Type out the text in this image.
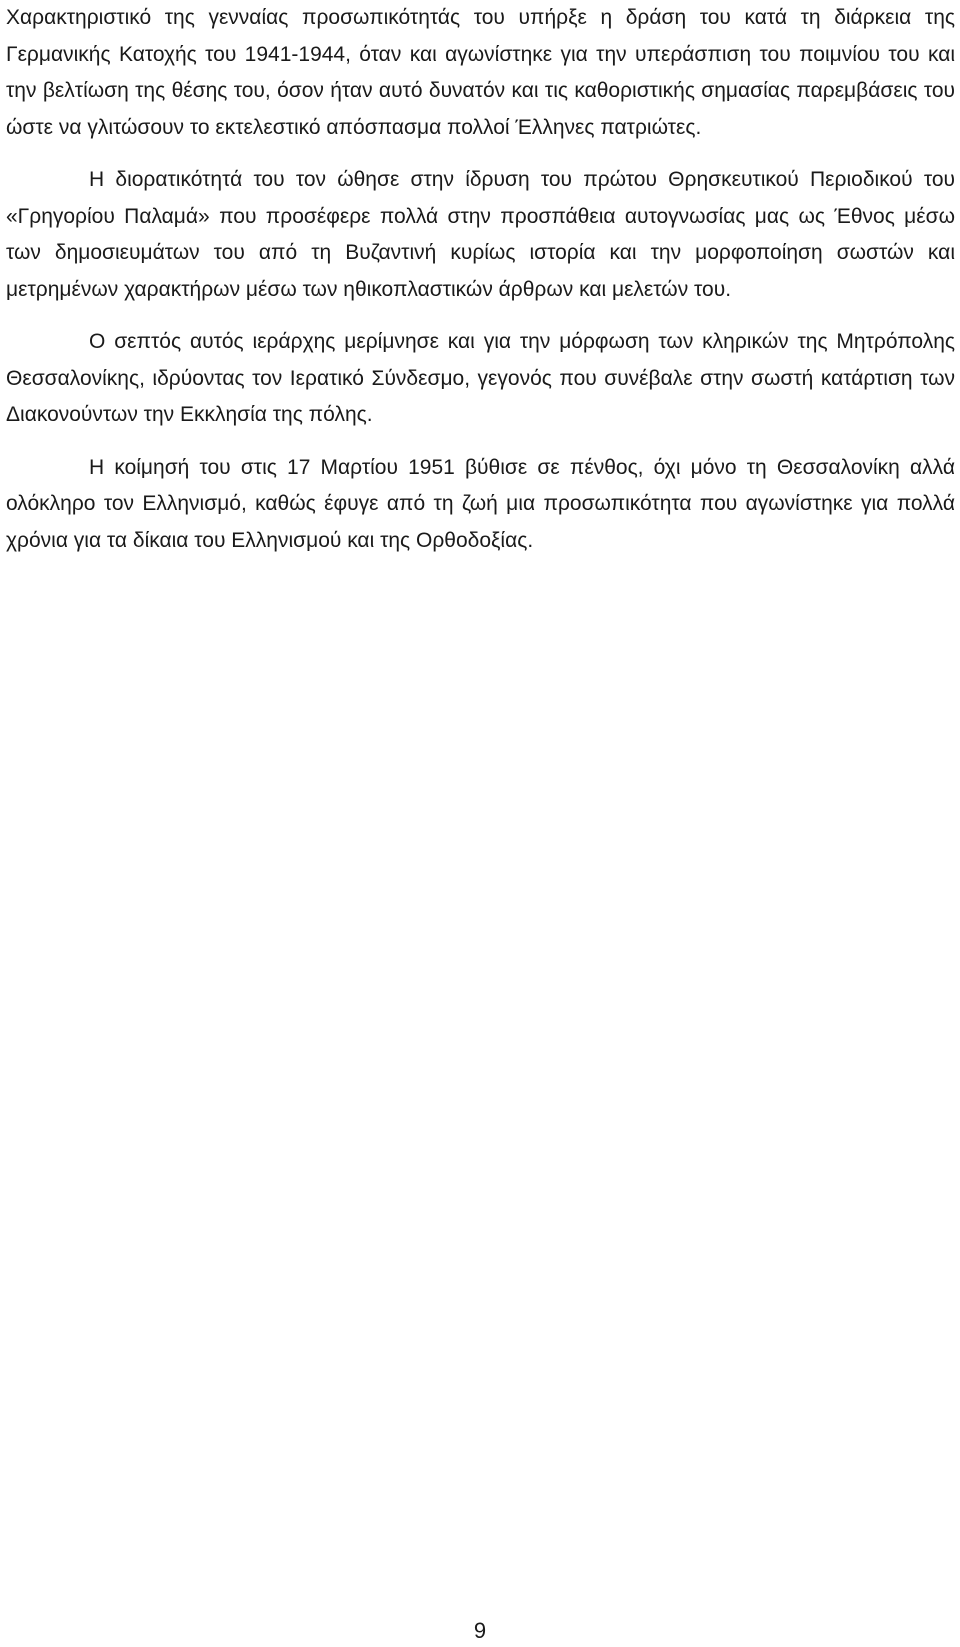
Χαρακτηριστικό της γενναίας προσωπικότητάς του υπήρξε η δράση του κατά τη διάρκεια της Γερμανικής Κατοχής του 1941-1944, όταν και αγωνίστηκε για την υπεράσπιση του ποιμνίου του και την βελτίωση της θέσης του, όσον ήταν αυτό δυνατόν και τις καθοριστικής σημασίας παρεμβάσεις του ώστε να γλιτώσουν το εκτελεστικό απόσπασμα πολλοί Έλληνες πατριώτες.

Η διορατικότητά του τον ώθησε στην ίδρυση του πρώτου Θρησκευτικού Περιοδικού του «Γρηγορίου Παλαμά» που προσέφερε πολλά στην προσπάθεια αυτογνωσίας μας ως Έθνος μέσω των δημοσιευμάτων του από τη Βυζαντινή κυρίως ιστορία και την μορφοποίηση σωστών και μετρημένων χαρακτήρων μέσω των ηθικοπλαστικών άρθρων και μελετών του.

Ο σεπτός αυτός ιεράρχης μερίμνησε και για την μόρφωση των κληρικών της Μητρόπολης Θεσσαλονίκης, ιδρύοντας τον Ιερατικό Σύνδεσμο, γεγονός που συνέβαλε στην σωστή κατάρτιση των Διακονούντων την Εκκλησία της πόλης.

Η κοίμησή του στις 17 Μαρτίου 1951 βύθισε σε πένθος, όχι μόνο τη Θεσσαλονίκη αλλά ολόκληρο τον Ελληνισμό, καθώς έφυγε από τη ζωή μια προσωπικότητα που αγωνίστηκε για πολλά χρόνια για τα δίκαια του Ελληνισμού και της Ορθοδοξίας.

9
